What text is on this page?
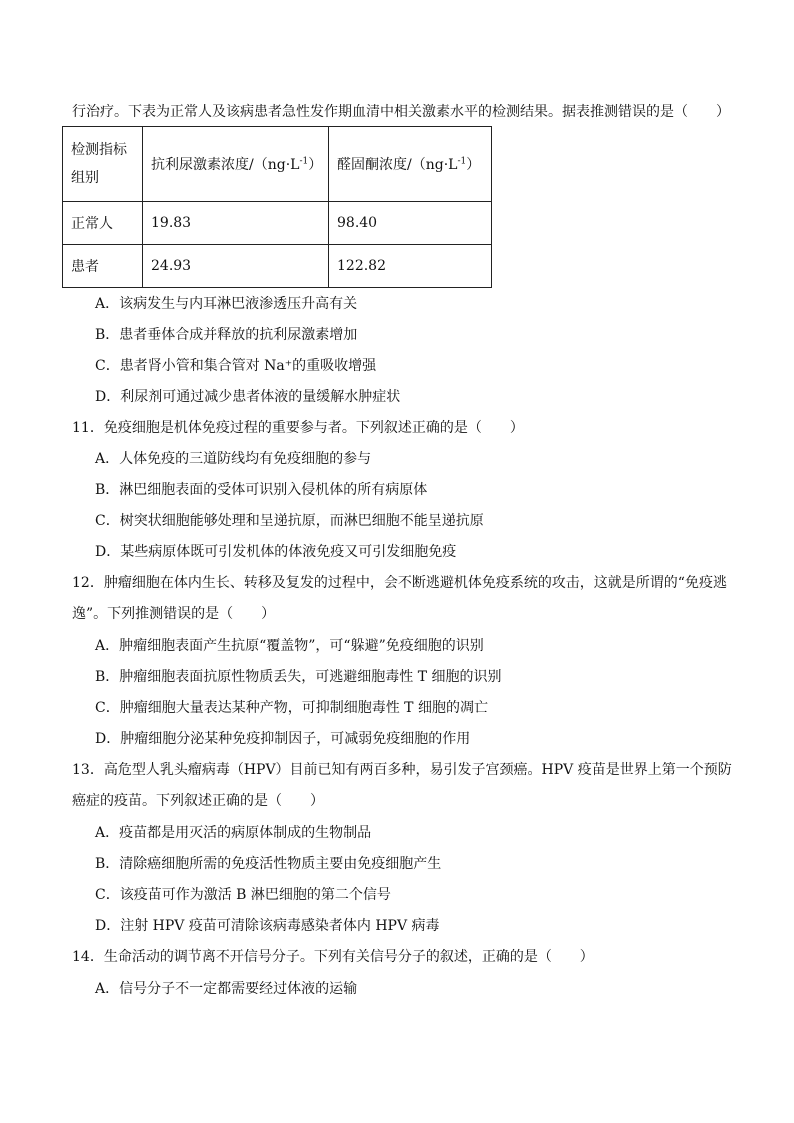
行治疗。下表为正常人及该病患者急性发作期血清中相关激素水平的检测结果。据表推测错误的是（　　）
检测指标
组别	抗利尿激素浓度$/(ng\cdot L^{-1})$	醛固酮浓度$/(ng\cdot L^{-1})$
正常人	19.83	98.40
患者	24.93	122.82
A．该病发生与内耳淋巴液渗透压升高有关
B．患者垂体合成并释放的抗利尿激素增加
C．患者肾小管和集合管对 Na⁺的重吸收增强
D．利尿剂可通过减少患者体液的量缓解水肿症状
11．免疫细胞是机体免疫过程的重要参与者。下列叙述正确的是（　　）
A．人体免疫的三道防线均有免疫细胞的参与
B．淋巴细胞表面的受体可识别入侵机体的所有病原体
C．树突状细胞能够处理和呈递抗原，而淋巴细胞不能呈递抗原
D．某些病原体既可引发机体的体液免疫又可引发细胞免疫
12．肿瘤细胞在体内生长、转移及复发的过程中，会不断逃避机体免疫系统的攻击，这就是所谓的“免疫逃
逸”。下列推测错误的是（　　）
A．肿瘤细胞表面产生抗原“覆盖物”，可“躲避”免疫细胞的识别
B．肿瘤细胞表面抗原性物质丢失，可逃避细胞毒性 T 细胞的识别
C．肿瘤细胞大量表达某种产物，可抑制细胞毒性 T 细胞的凋亡
D．肿瘤细胞分泌某种免疫抑制因子，可减弱免疫细胞的作用
13．高危型人乳头瘤病毒（HPV）目前已知有两百多种，易引发子宫颈癌。HPV 疫苗是世界上第一个预防
癌症的疫苗。下列叙述正确的是（　　）
A．疫苗都是用灭活的病原体制成的生物制品
B．清除癌细胞所需的免疫活性物质主要由免疫细胞产生
C．该疫苗可作为激活 B 淋巴细胞的第二个信号
D．注射 HPV 疫苗可清除该病毒感染者体内 HPV 病毒
14．生命活动的调节离不开信号分子。下列有关信号分子的叙述，正确的是（　　）
A．信号分子不一定都需要经过体液的运输
